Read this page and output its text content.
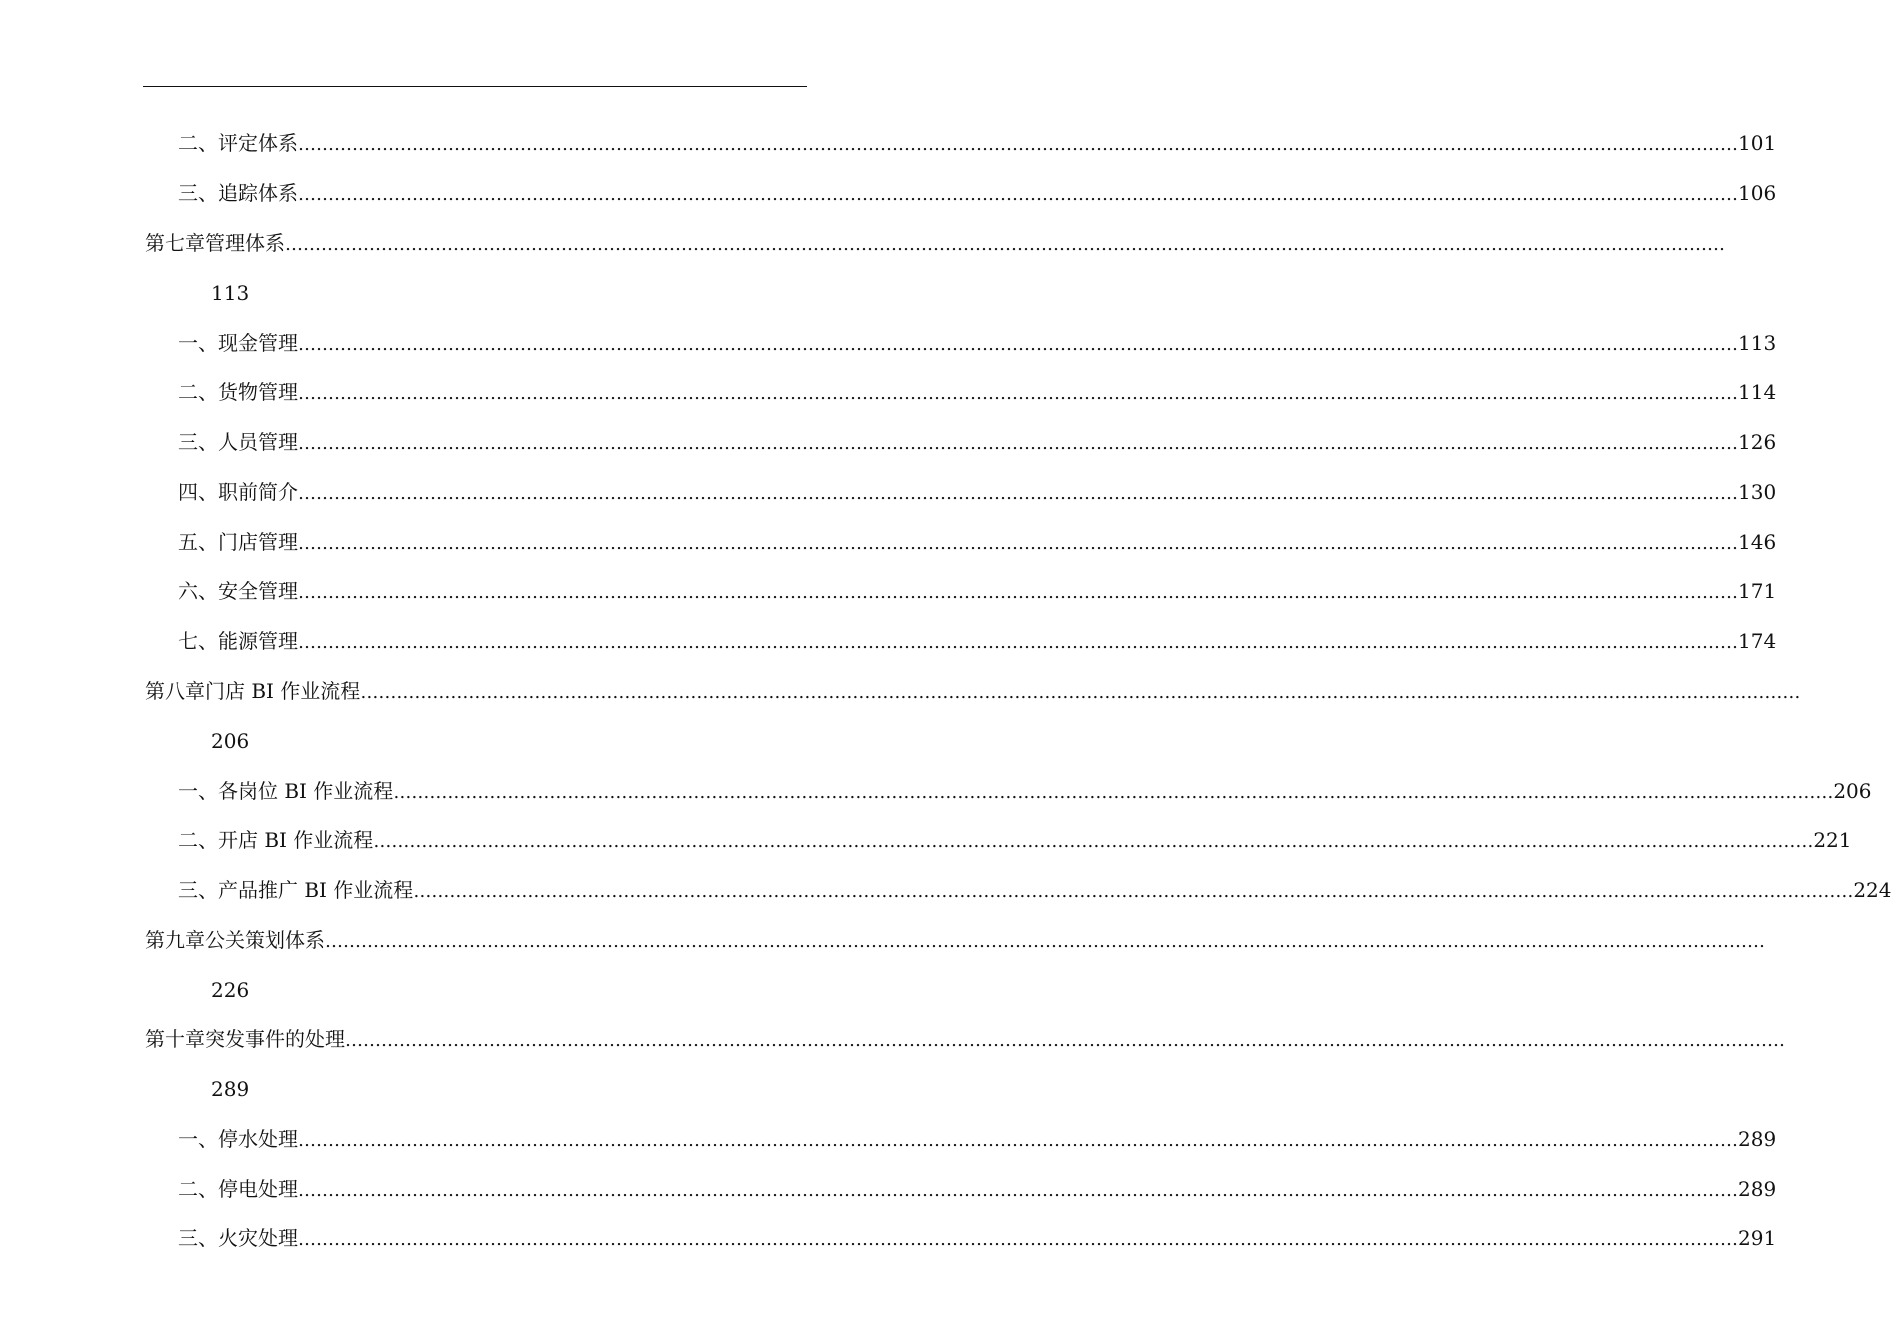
二、 评定体系 …………………………………………………………………………………………………………………………………………………………………………………………………………………… 101
三、 追踪体系 …………………………………………………………………………………………………………………………………………………………………………………………………………………… 106
第七章 管理体系 ……………………………………………………………………………………………………………………………………………………………………………………………………………………
113
一、 现金管理 …………………………………………………………………………………………………………………………………………………………………………………………………………………… 113
二、 货物管理 …………………………………………………………………………………………………………………………………………………………………………………………………………………… 114
三、 人员管理 …………………………………………………………………………………………………………………………………………………………………………………………………………………… 126
四、 职前简介 …………………………………………………………………………………………………………………………………………………………………………………………………………………… 130
五、 门店管理 …………………………………………………………………………………………………………………………………………………………………………………………………………………… 146
六、 安全管理 …………………………………………………………………………………………………………………………………………………………………………………………………………………… 171
七、 能源管理 …………………………………………………………………………………………………………………………………………………………………………………………………………………… 174
第八章 门店 BI 作业流程 ……………………………………………………………………………………………………………………………………………………………………………………………………………………
206
一、 各岗位 BI 作业流程 …………………………………………………………………………………………………………………………………………………………………………………………………………………… 206
二、 开店 BI 作业流程 …………………………………………………………………………………………………………………………………………………………………………………………………………………… 221
三、 产品推广 BI 作业流程 …………………………………………………………………………………………………………………………………………………………………………………………………………………… 224
第九章 公关策划体系 ……………………………………………………………………………………………………………………………………………………………………………………………………………………
226
第十章 突发事件的处理 ……………………………………………………………………………………………………………………………………………………………………………………………………………………
289
一、 停水处理 …………………………………………………………………………………………………………………………………………………………………………………………………………………… 289
二、 停电处理 …………………………………………………………………………………………………………………………………………………………………………………………………………………… 289
三、 火灾处理 …………………………………………………………………………………………………………………………………………………………………………………………………………………… 291
